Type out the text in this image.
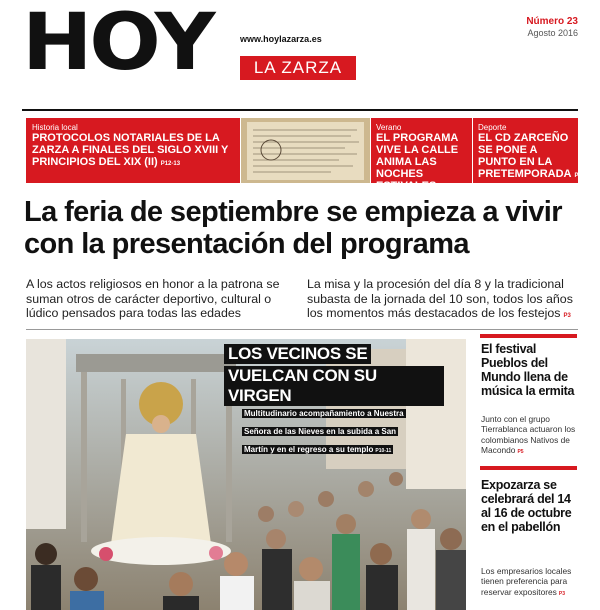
HOY	www.hoylazarza.es
LA ZARZA
Número 23
Agosto 2016
Historia local
PROTOCOLOS NOTARIALES DE LA ZARZA A FINALES DEL SIGLO XVIII Y PRINCIPIOS DEL XIX (II) P12-13
Verano
EL PROGRAMA VIVE LA CALLE ANIMA LAS NOCHES ESTIVALES P5
Deporte
EL CD ZARCEÑO SE PONE A PUNTO EN LA PRETEMPORADA P15
La feria de septiembre se empieza a vivir con la presentación del programa
A los actos religiosos en honor a la patrona se suman otros de carácter deportivo, cultural o lúdico pensados para todas las edades
La misa y la procesión del día 8 y la tradicional subasta de la jornada del 10 son, todos los años los momentos más destacados de los festejos P3
LOS VECINOS SE
VUELCAN CON SU VIRGEN
Multitudinario acompañamiento a Nuestra Señora de las Nieves en la subida a San Martín y en el regreso a su templo P10-11
El festival Pueblos del Mundo llena de música la ermita
Junto con el grupo Tierrablanca actuaron los colombianos Nativos de Macondo P5
Expozarza se celebrará del 14 al 16 de octubre en el pabellón
Los empresarios locales tienen preferencia para reservar expositores P3
